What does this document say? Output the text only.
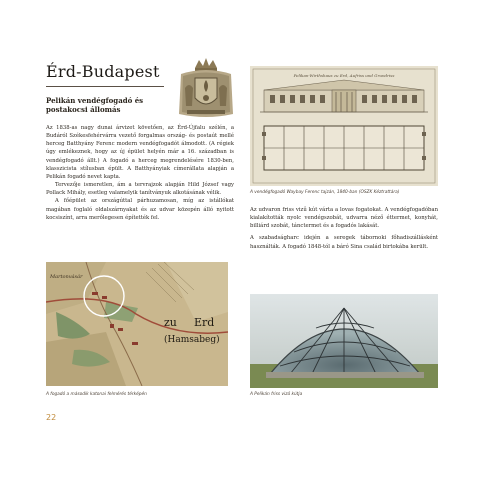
Érd-Budapest
Pelikán vendégfogadó és
postakocsi állomás

Az 1838-as nagy dunai árvizet követően, az Érd-Újfalu szélén, a Budáról Székesfehérvárra vezető forgalmas ország- és postaút mellé herceg Batthyány Ferenc modern vendégfogadót álmodott. (A régiek úgy emlékeznek, hogy az új épület helyén már a 16. században is vendégfogadó állt.) A fogadó a herceg megrendelésére 1830-ben, klasszicista stílusban épült. A Batthyányiak címerállata alapján a Pelikán fogadó nevet kapta.

Tervezője ismeretlen, ám a tervrajzok alapján Hild József vagy Pollack Mihály, esetleg valamelyik tanítványuk alkotásának vélik.

A főépület az országúttal párhuzamosan, míg az istállókat magában foglaló oldalszárnyakat és az udvar közepén álló nyitott kocsiszínt, arra merőlegesen építették fel.

Pelikan-Wirthshaus zu Erd, Aufriss und Grundriss
A vendégfogadó Waybay Ferenc tajzán, 1840-ban (OSZK Kéztrattára)

Az udvaron friss vizű kút várta a lovas fogatokat. A vendégfogadóban kialakították nyolc vendégszobát, udvarra néző éttermet, konyhát, billiárd szobát, tánctermet és a fogadós lakását.

A szabadságharc idején a seregek tábornoki főhadiszállásként használták. A fogadó 1848-tól a báró Sina család birtokába került.

Martonvásár
zu Erd
(Hamsabeg)
A fogadó a második katonai felmérés térképén	A Pelikán friss vizű kútja
22
